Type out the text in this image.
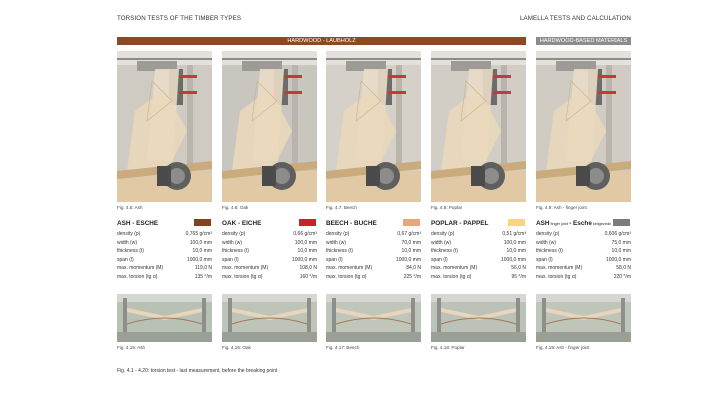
TORSION TESTS OF THE TIMBER TYPES	LAMELLA TESTS AND CALCULATION
HARDWOOD - LAUBHOLZ	HARDWOOD-BASED MATERIALS
Fig. 4.5: Ash
ASH - ESCHE
density (p)	0,765 g/cm³
width (w)	100,0 mm
thickness (t)	10,0 mm
span (l)	1000,0 mm
max. momentum (M)	119,0 N
max. torsion (tg α)	135 °/m
Fig. 4.15: Ash
Fig. 4.6: Oak
OAK - EICHE
density (p)	0,66 g/cm³
width (w)	100,0 mm
thickness (t)	10,0 mm
span (l)	1000,0 mm
max. momentum (M)	108,0 N
max. torsion (tg α)	160 °/m
Fig. 4.16: Oak
Fig. 4.7: Beech
BEECH - BUCHE
density (p)	0,67 g/cm³
width (w)	70,0 mm
thickness (t)	10,0 mm
span (l)	1000,0 mm
max. momentum (M)	84,0 N
max. torsion (tg α)	225 °/m
Fig. 4.17: Beech
Fig. 4.8: Poplar
POPLAR - PAPPEL
density (p)	0,51 g/cm³
width (w)	100,0 mm
thickness (t)	10,0 mm
span (l)	1000,0 mm
max. momentum (M)	56,0 N
max. torsion (tg α)	95 °/m
Fig. 4.18: Poplar
Fig. 4.9: Ash - finger joint
ASH finger joint - Esche keilgezinkt
density (p)	0,606 g/cm³
width (w)	75,0 mm
thickness (t)	10,0 mm
span (l)	1000,0 mm
max. momentum (M)	58,0 N
max. torsion (tg α)	220 °/m
Fig. 4.19: Ash - finger joint
Fig. 4.1 - 4.20: torsion test - last measurement, before the breaking point
